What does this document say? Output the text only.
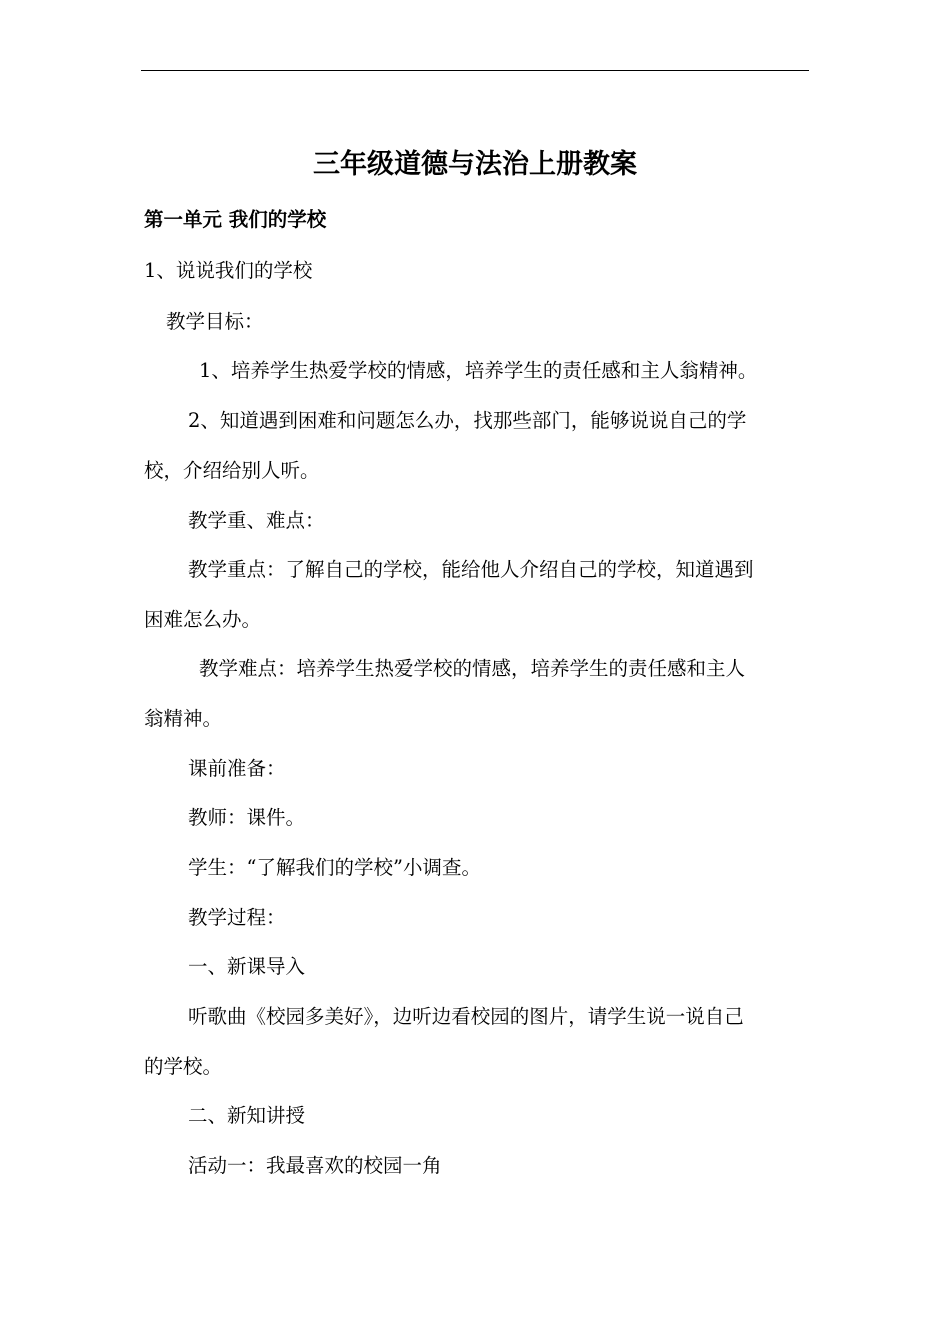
三年级道德与法治上册教案
第一单元 我们的学校
1、说说我们的学校
教学目标：
1、培养学生热爱学校的情感，培养学生的责任感和主人翁精神。
2、知道遇到困难和问题怎么办，找那些部门，能够说说自己的学
校，介绍给别人听。
教学重、难点：
教学重点：了解自己的学校，能给他人介绍自己的学校，知道遇到
困难怎么办。
教学难点：培养学生热爱学校的情感，培养学生的责任感和主人
翁精神。
课前准备：
教师：课件。
学生：“了解我们的学校”小调查。
教学过程：
一、新课导入
听歌曲《校园多美好》，边听边看校园的图片，请学生说一说自己
的学校。
二、新知讲授
活动一：我最喜欢的校园一角
